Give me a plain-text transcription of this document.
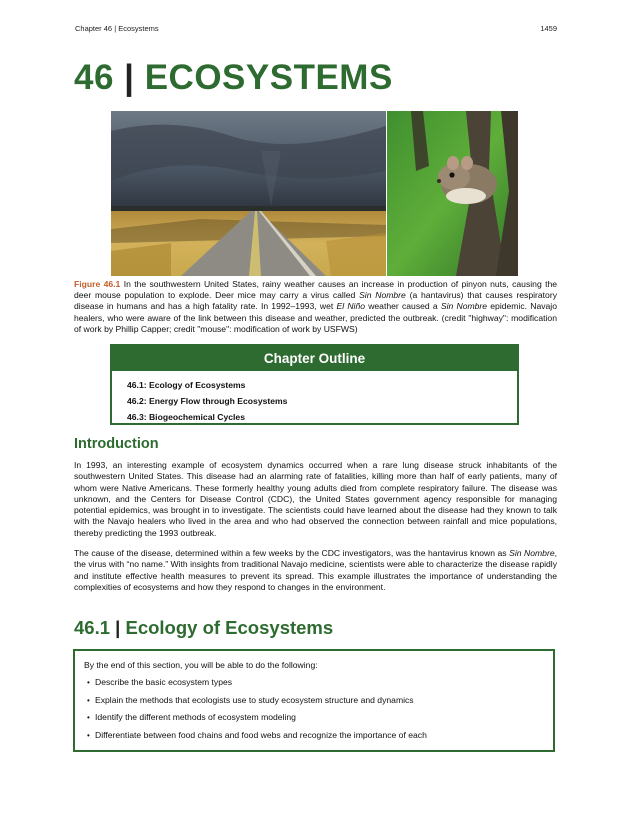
Chapter 46 | Ecosystems	1459
46 | ECOSYSTEMS
Figure 46.1 In the southwestern United States, rainy weather causes an increase in production of pinyon nuts, causing the deer mouse population to explode. Deer mice may carry a virus called Sin Nombre (a hantavirus) that causes respiratory disease in humans and has a high fatality rate. In 1992–1993, wet El Niño weather caused a Sin Nombre epidemic. Navajo healers, who were aware of the link between this disease and weather, predicted the outbreak. (credit "highway": modification of work by Phillip Capper; credit "mouse": modification of work by USFWS)
Chapter Outline
46.1: Ecology of Ecosystems
46.2: Energy Flow through Ecosystems
46.3: Biogeochemical Cycles
Introduction
In 1993, an interesting example of ecosystem dynamics occurred when a rare lung disease struck inhabitants of the southwestern United States. This disease had an alarming rate of fatalities, killing more than half of early patients, many of whom were Native Americans. These formerly healthy young adults died from complete respiratory failure. The disease was unknown, and the Centers for Disease Control (CDC), the United States government agency responsible for managing potential epidemics, was brought in to investigate. The scientists could have learned about the disease had they known to talk with the Navajo healers who lived in the area and who had observed the connection between rainfall and mice populations, thereby predicting the 1993 outbreak.
The cause of the disease, determined within a few weeks by the CDC investigators, was the hantavirus known as Sin Nombre, the virus with “no name.” With insights from traditional Navajo medicine, scientists were able to characterize the disease rapidly and institute effective health measures to prevent its spread. This example illustrates the importance of understanding the complexities of ecosystems and how they respond to changes in the environment.
46.1 | Ecology of Ecosystems
By the end of this section, you will be able to do the following:
• Describe the basic ecosystem types
• Explain the methods that ecologists use to study ecosystem structure and dynamics
• Identify the different methods of ecosystem modeling
• Differentiate between food chains and food webs and recognize the importance of each
